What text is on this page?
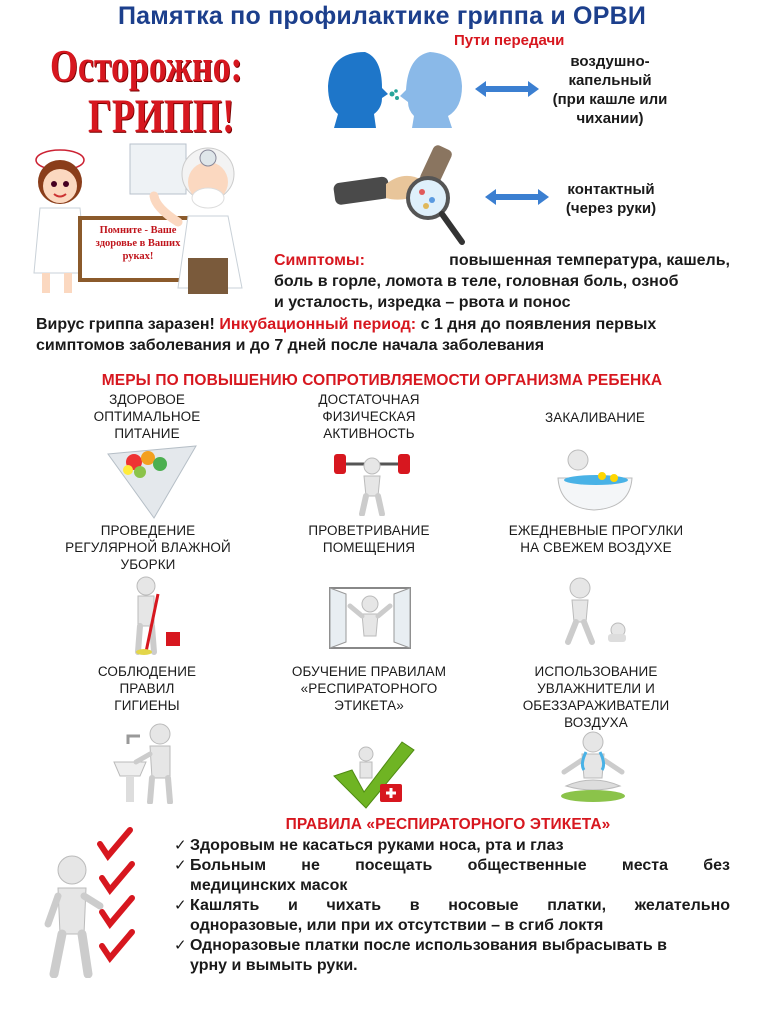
Памятка по профилактике гриппа и ОРВИ
Осторожно:
ГРИПП!
Помните - Ваше здоровье в Ваших руках!
Пути передачи
воздушно-
капельный
(при кашле или
чихании)
контактный
(через руки)
Симптомы:	повышенная температура, кашель,
боль в горле, ломота в теле, головная боль, озноб
и усталость, изредка – рвота и понос
Вирус гриппа заразен! Инкубационный период: с 1 дня до появления первых
симптомов заболевания и до 7 дней после начала заболевания
МЕРЫ ПО ПОВЫШЕНИЮ СОПРОТИВЛЯЕМОСТИ ОРГАНИЗМА РЕБЕНКА
ЗДОРОВОЕ
ОПТИМАЛЬНОЕ
ПИТАНИЕ
ДОСТАТОЧНАЯ
ФИЗИЧЕСКАЯ
АКТИВНОСТЬ
ЗАКАЛИВАНИЕ
ПРОВЕДЕНИЕ
РЕГУЛЯРНОЙ ВЛАЖНОЙ
УБОРКИ
ПРОВЕТРИВАНИЕ
ПОМЕЩЕНИЯ
ЕЖЕДНЕВНЫЕ ПРОГУЛКИ
НА СВЕЖЕМ ВОЗДУХЕ
СОБЛЮДЕНИЕ
ПРАВИЛ
ГИГИЕНЫ
ОБУЧЕНИЕ ПРАВИЛАМ
«РЕСПИРАТОРНОГО
ЭТИКЕТА»
ИСПОЛЬЗОВАНИЕ
УВЛАЖНИТЕЛИ И
ОБЕЗЗАРАЖИВАТЕЛИ
ВОЗДУХА
ПРАВИЛА «РЕСПИРАТОРНОГО ЭТИКЕТА»
✓ Здоровым не касаться руками носа, рта и глаз
✓ Больным не посещать общественные места без
медицинских масок
✓ Кашлять и чихать в носовые платки, желательно
одноразовые, или при их отсутствии – в сгиб локтя
✓ Одноразовые платки после использования выбрасывать в
урну и вымыть руки.
